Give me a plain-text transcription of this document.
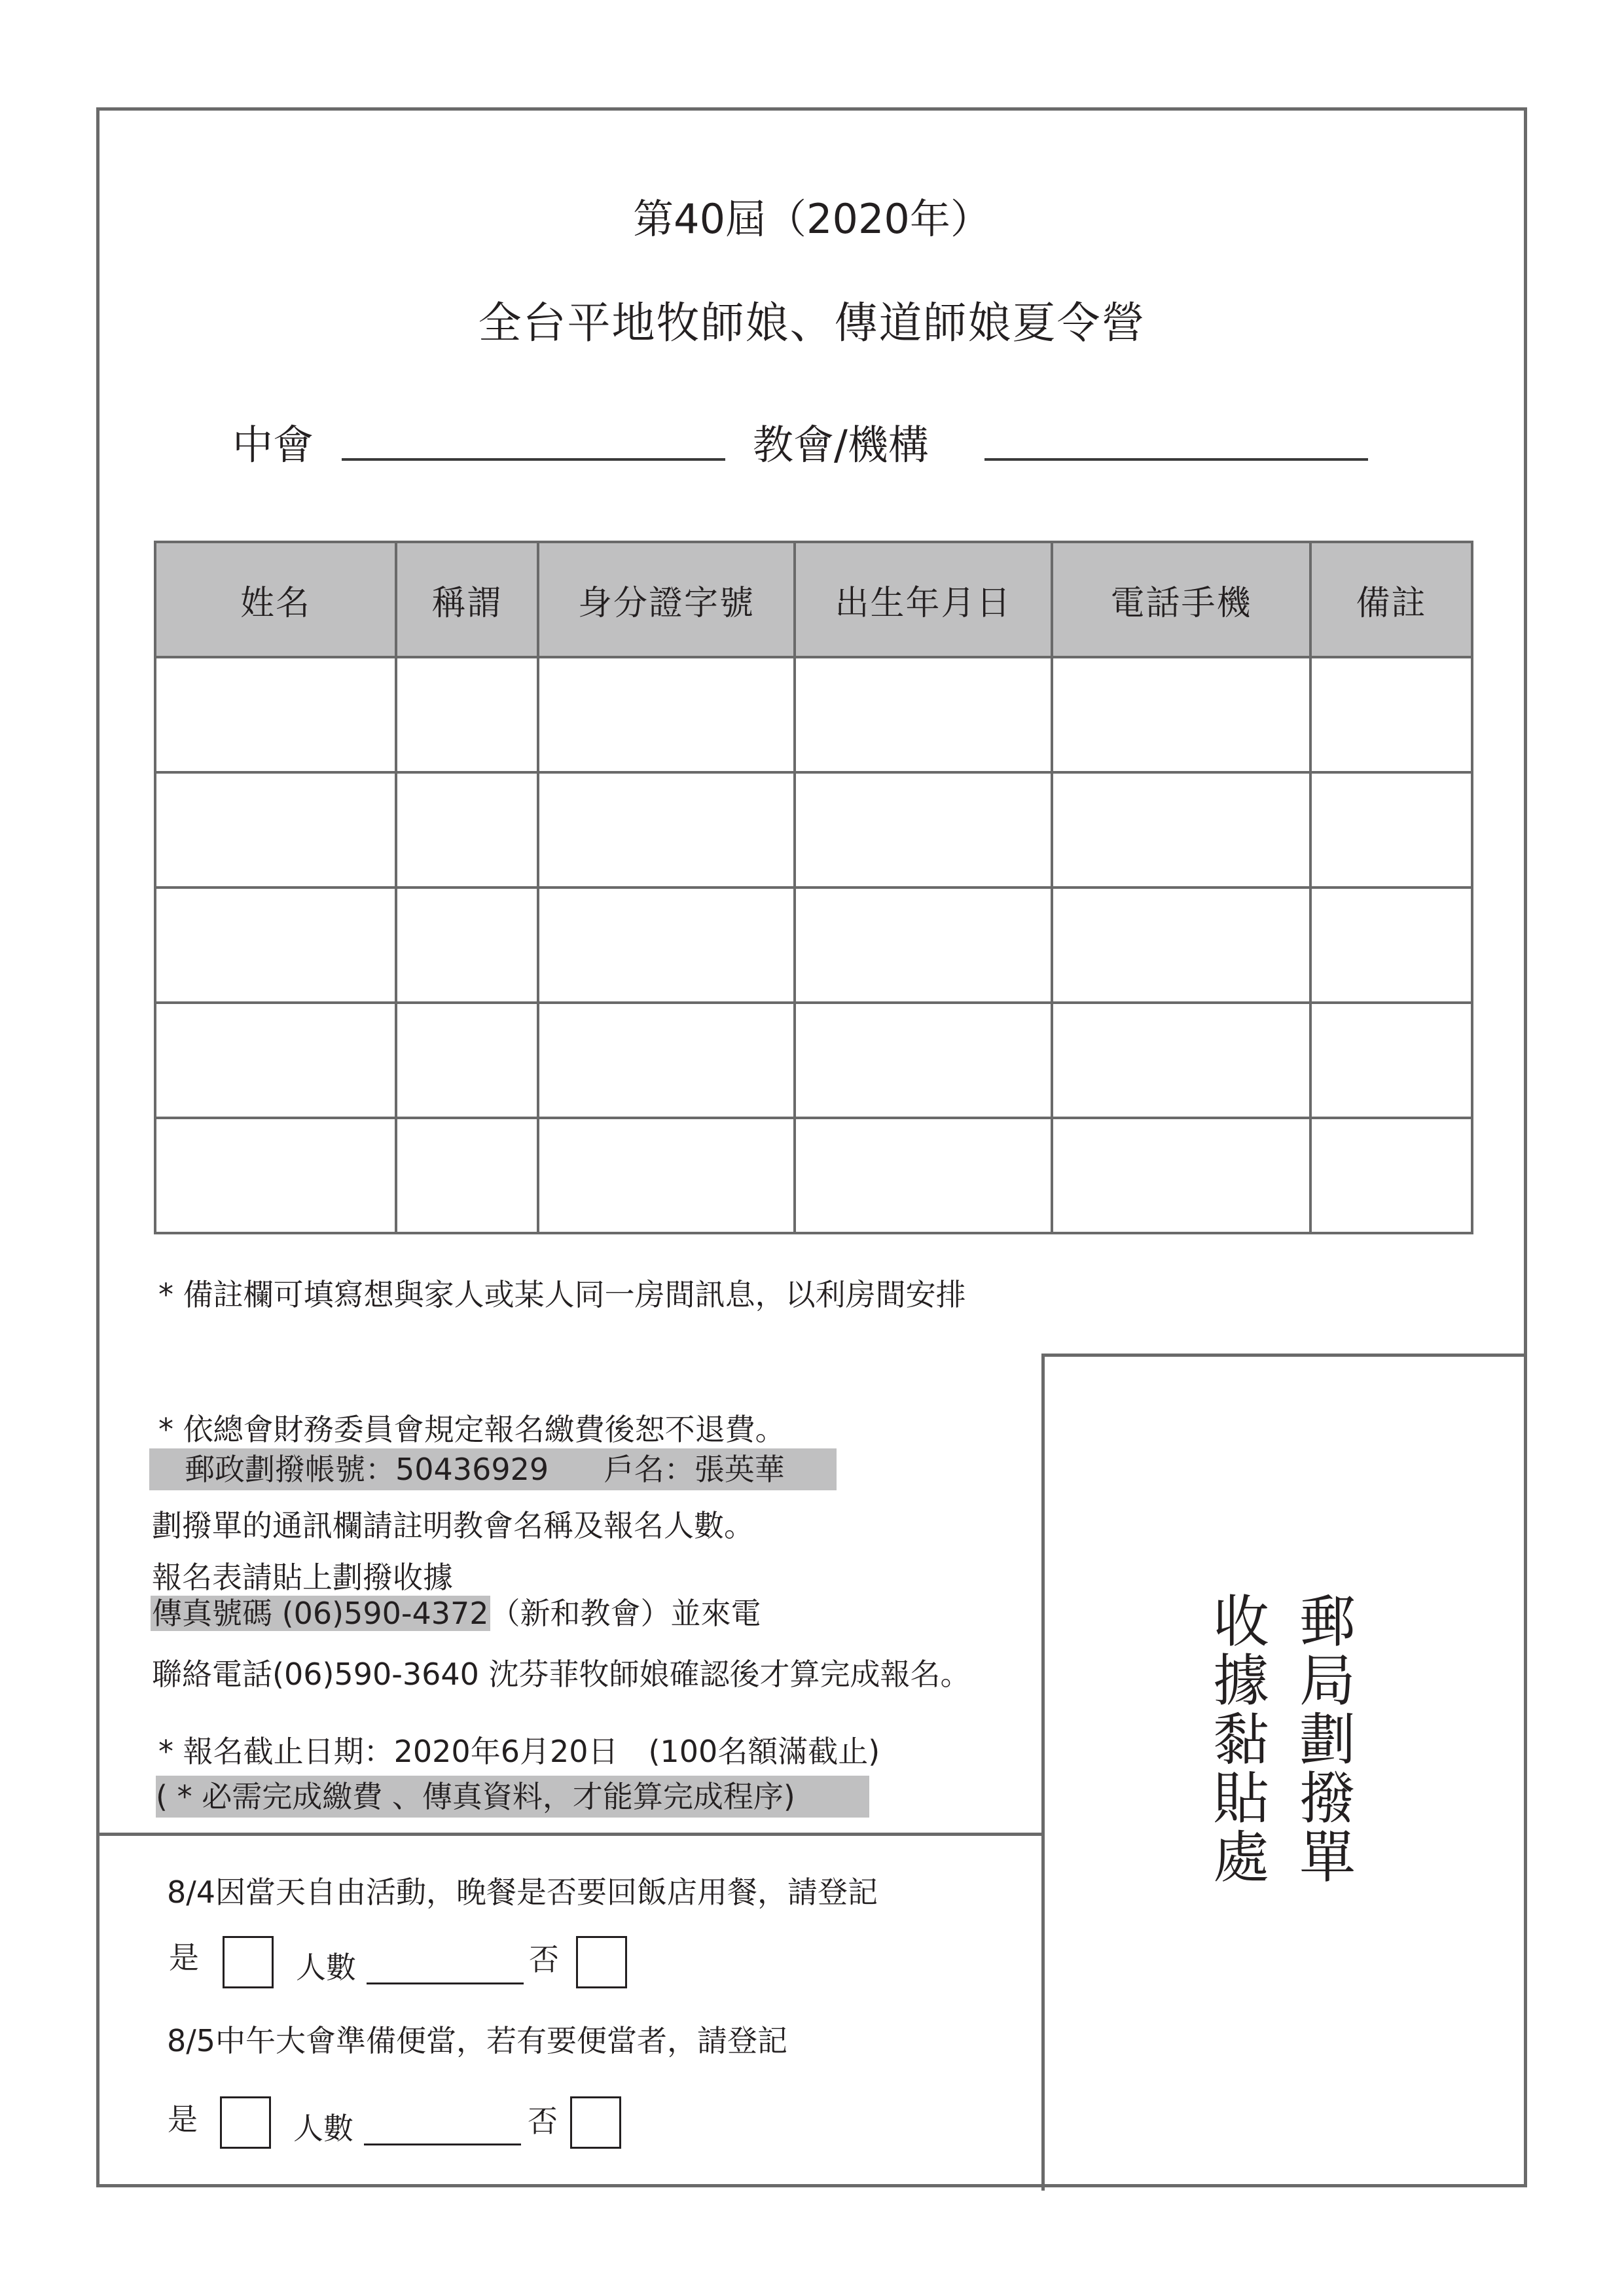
第40屆（2020年）
全台平地牧師娘、傳道師娘夏令營
中會	教會/機構
姓名	稱謂	身分證字號	出生年月日	電話手機	備註

* 備註欄可填寫想與家人或某人同一房間訊息，以利房間安排
* 依總會財務委員會規定報名繳費後恕不退費。
郵政劃撥帳號：50436929 戶名：張英華
劃撥單的通訊欄請註明教會名稱及報名人數。
報名表請貼上劃撥收據
傳真號碼 (06)590-4372（新和教會）並來電
聯絡電話(06)590-3640 沈芬菲牧師娘確認後才算完成報名。
* 報名截止日期：2020年6月20日　(100名額滿截止)
( * 必需完成繳費 、傳真資料，才能算完成程序)	郵局劃撥單
收據黏貼處
8/4因當天自由活動，晚餐是否要回飯店用餐，請登記
是	人數	否
8/5中午大會準備便當，若有要便當者，請登記
是	人數	否
